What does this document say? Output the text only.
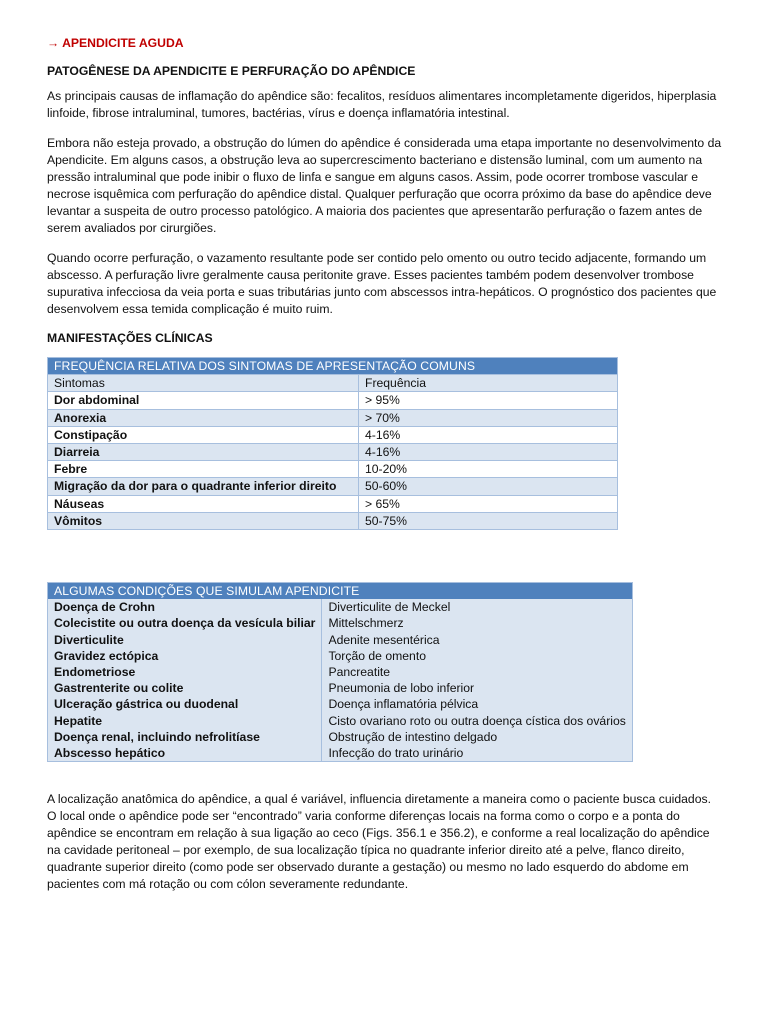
→ APENDICITE AGUDA
PATOGÊNESE DA APENDICITE E PERFURAÇÃO DO APÊNDICE

As principais causas de inflamação do apêndice são: fecalitos, resíduos alimentares incompletamente digeridos, hiperplasia linfoide, fibrose intraluminal, tumores, bactérias, vírus e doença inflamatória intestinal.

Embora não esteja provado, a obstrução do lúmen do apêndice é considerada uma etapa importante no desenvolvimento da Apendicite. Em alguns casos, a obstrução leva ao supercrescimento bacteriano e distensão luminal, com um aumento na pressão intraluminal que pode inibir o fluxo de linfa e sangue em alguns casos. Assim, pode ocorrer trombose vascular e necrose isquêmica com perfuração do apêndice distal. Qualquer perfuração que ocorra próximo da base do apêndice deve levantar a suspeita de outro processo patológico. A maioria dos pacientes que apresentarão perfuração o fazem antes de serem avaliados por cirurgiões.

Quando ocorre perfuração, o vazamento resultante pode ser contido pelo omento ou outro tecido adjacente, formando um abscesso. A perfuração livre geralmente causa peritonite grave. Esses pacientes também podem desenvolver trombose supurativa infecciosa da veia porta e suas tributárias junto com abscessos intra-hepáticos. O prognóstico dos pacientes que desenvolvem essa temida complicação é muito ruim.

MANIFESTAÇÕES CLÍNICAS
FREQUÊNCIA RELATIVA DOS SINTOMAS DE APRESENTAÇÃO COMUNS	
Sintomas	Frequência
Dor abdominal	> 95%
Anorexia	> 70%
Constipação	4-16%
Diarreia	4-16%
Febre	10-20%
Migração da dor para o quadrante inferior direito	50-60%
Náuseas	> 65%
Vômitos	50-75%
ALGUMAS CONDIÇÕES QUE SIMULAM APENDICITE	
Doença de Crohn	Diverticulite de Meckel
Colecistite ou outra doença da vesícula biliar	Mittelschmerz
Diverticulite	Adenite mesentérica
Gravidez ectópica	Torção de omento
Endometriose	Pancreatite
Gastrenterite ou colite	Pneumonia de lobo inferior
Ulceração gástrica ou duodenal	Doença inflamatória pélvica
Hepatite	Cisto ovariano roto ou outra doença cística dos ovários
Doença renal, incluindo nefrolitíase	Obstrução de intestino delgado
Abscesso hepático	Infecção do trato urinário

A localização anatômica do apêndice, a qual é variável, influencia diretamente a maneira como o paciente busca cuidados. O local onde o apêndice pode ser “encontrado” varia conforme diferenças locais na forma como o corpo e a ponta do apêndice se encontram em relação à sua ligação ao ceco (Figs. 356.1 e 356.2), e conforme a real localização do apêndice na cavidade peritoneal – por exemplo, de sua localização típica no quadrante inferior direito até a pelve, flanco direito, quadrante superior direito (como pode ser observado durante a gestação) ou mesmo no lado esquerdo do abdome em pacientes com má rotação ou com cólon severamente redundante.
